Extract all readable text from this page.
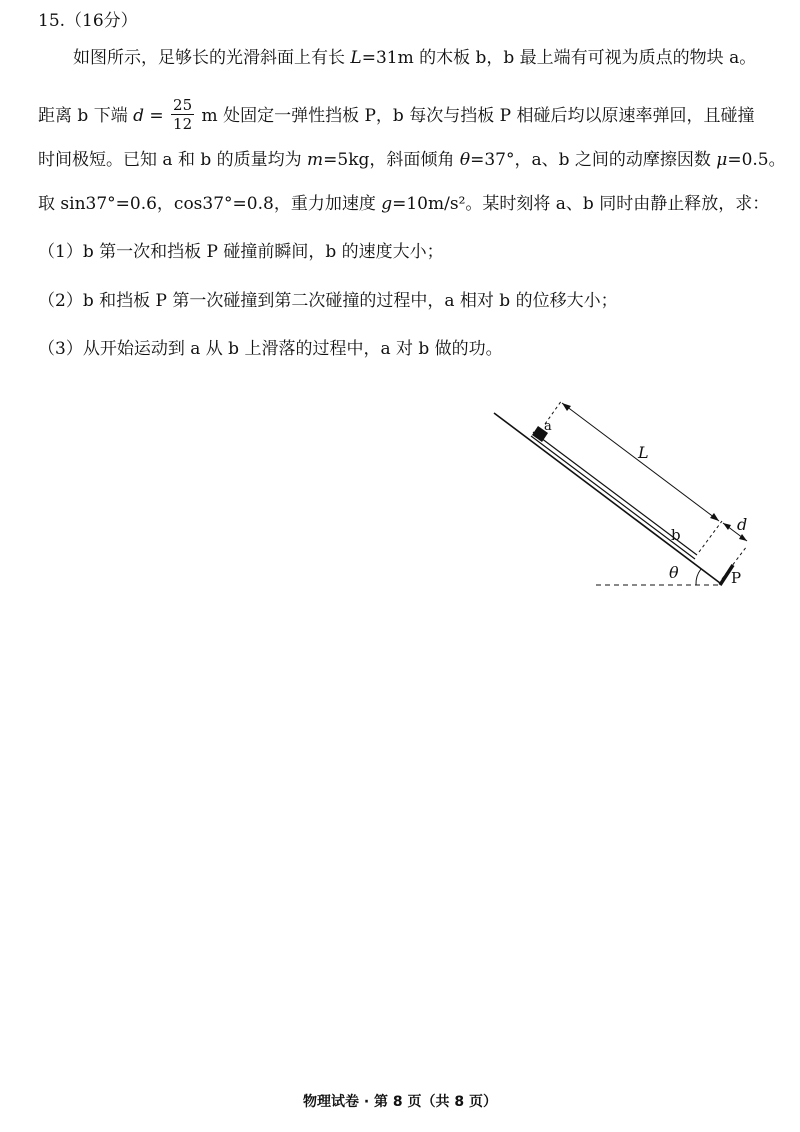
15.（16分）
如图所示，足够长的光滑斜面上有长 L=31m 的木板 b，b 最上端有可视为质点的物块 a。
距离 b 下端 $d = \frac{25}{12}$ m 处固定一弹性挡板 P，b 每次与挡板 P 相碰后均以原速率弹回，且碰撞
时间极短。已知 a 和 b 的质量均为 m=5kg，斜面倾角 θ=37°，a、b 之间的动摩擦因数 μ=0.5。
取 sin37°=0.6，cos37°=0.8，重力加速度 g=10m/s²。某时刻将 a、b 同时由静止释放，求：
（1）b 第一次和挡板 P 碰撞前瞬间，b 的速度大小；
（2）b 和挡板 P 第一次碰撞到第二次碰撞的过程中，a 相对 b 的位移大小；
（3）从开始运动到 a 从 b 上滑落的过程中，a 对 b 做的功。
a
L
b
d
θ	P
物理试卷 · 第 8 页（共 8 页）
